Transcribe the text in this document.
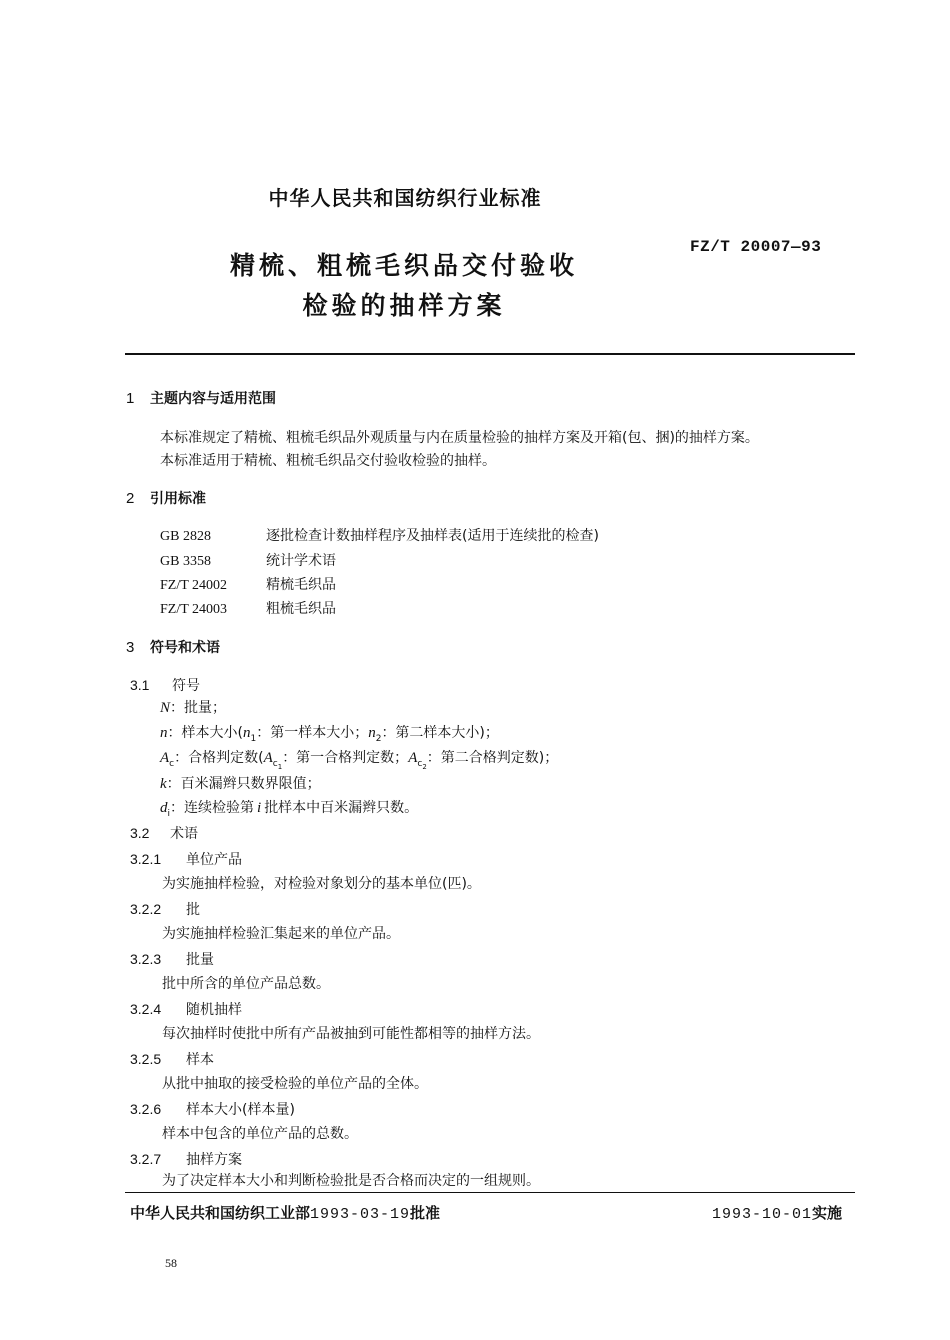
中华人民共和国纺织行业标准
FZ/T 20007—93
精梳、粗梳毛织品交付验收
检验的抽样方案
1 主题内容与适用范围
本标准规定了精梳、粗梳毛织品外观质量与内在质量检验的抽样方案及开箱(包、捆)的抽样方案。
本标准适用于精梳、粗梳毛织品交付验收检验的抽样。
2 引用标准
GB 2828	逐批检查计数抽样程序及抽样表(适用于连续批的检查)
GB 3358	统计学术语
FZ/T 24002	精梳毛织品
FZ/T 24003	粗梳毛织品
3 符号和术语
3.1 符号
N：批量；
n：样本大小($n_1$：第一样本大小；$n_2$：第二样本大小)；
$A_c$：合格判定数($A_{c_1}$：第一合格判定数；$A_{c_2}$：第二合格判定数)；
k：百米漏辫只数界限值；
$d_i$：连续检验第 i 批样本中百米漏辫只数。
3.2 术语
3.2.1 单位产品
为实施抽样检验，对检验对象划分的基本单位(匹)。
3.2.2 批
为实施抽样检验汇集起来的单位产品。
3.2.3 批量
批中所含的单位产品总数。
3.2.4 随机抽样
每次抽样时使批中所有产品被抽到可能性都相等的抽样方法。
3.2.5 样本
从批中抽取的接受检验的单位产品的全体。
3.2.6 样本大小(样本量)
样本中包含的单位产品的总数。
3.2.7 抽样方案
为了决定样本大小和判断检验批是否合格而决定的一组规则。
中华人民共和国纺织工业部1993-03-19批准	1993-10-01实施
58
